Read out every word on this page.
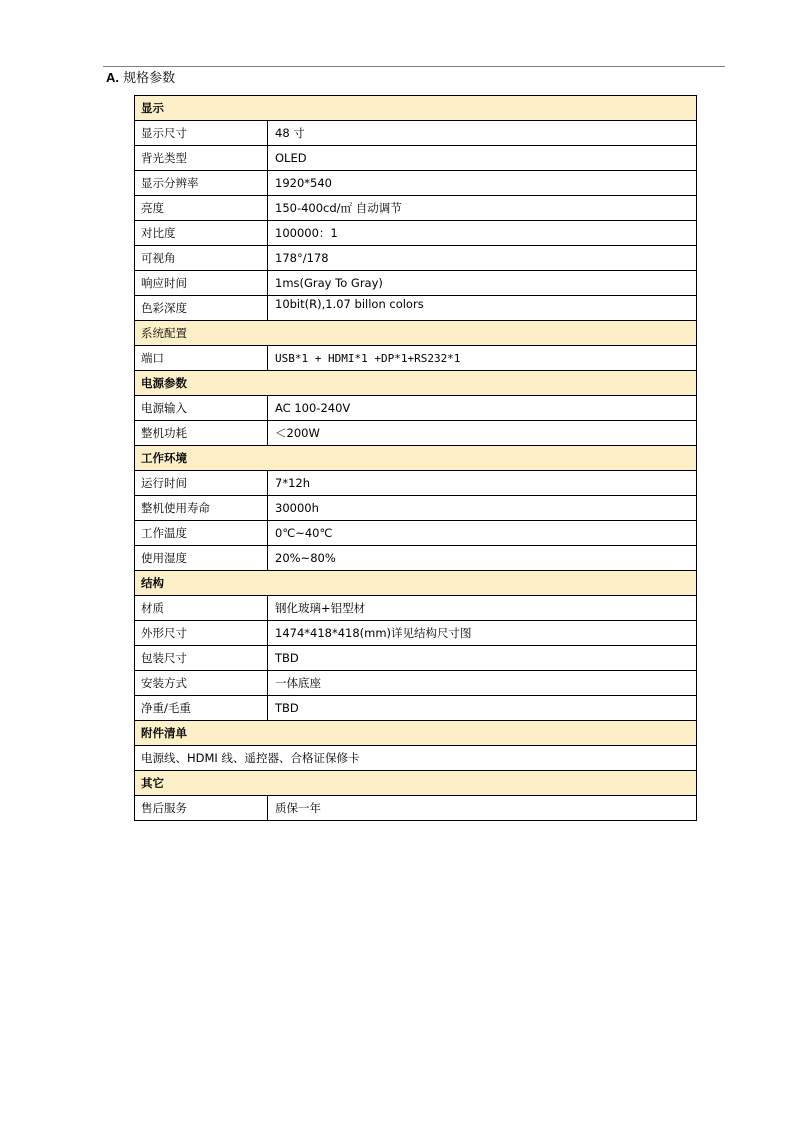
A. 规格参数
显示	
显示尺寸	48 寸
背光类型	OLED
显示分辨率	1920*540
亮度	150-400cd/㎡ 自动调节
对比度	100000：1
可视角	178°/178
响应时间	1ms(Gray To Gray)
色彩深度	10bit(R),1.07 billon colors
系统配置	
端口	USB*1 + HDMI*1 +DP*1+RS232*1
电源参数	
电源输入	AC 100-240V
整机功耗	＜200W
工作环境	
运行时间	7*12h
整机使用寿命	30000h
工作温度	0℃~40℃
使用湿度	20%~80%
结构	
材质	钢化玻璃+铝型材
外形尺寸	1474*418*418(mm)详见结构尺寸图
包装尺寸	TBD
安装方式	一体底座
净重/毛重	TBD
附件清单	
电源线、HDMI 线、遥控器、合格证保修卡	
其它	
售后服务	质保一年
